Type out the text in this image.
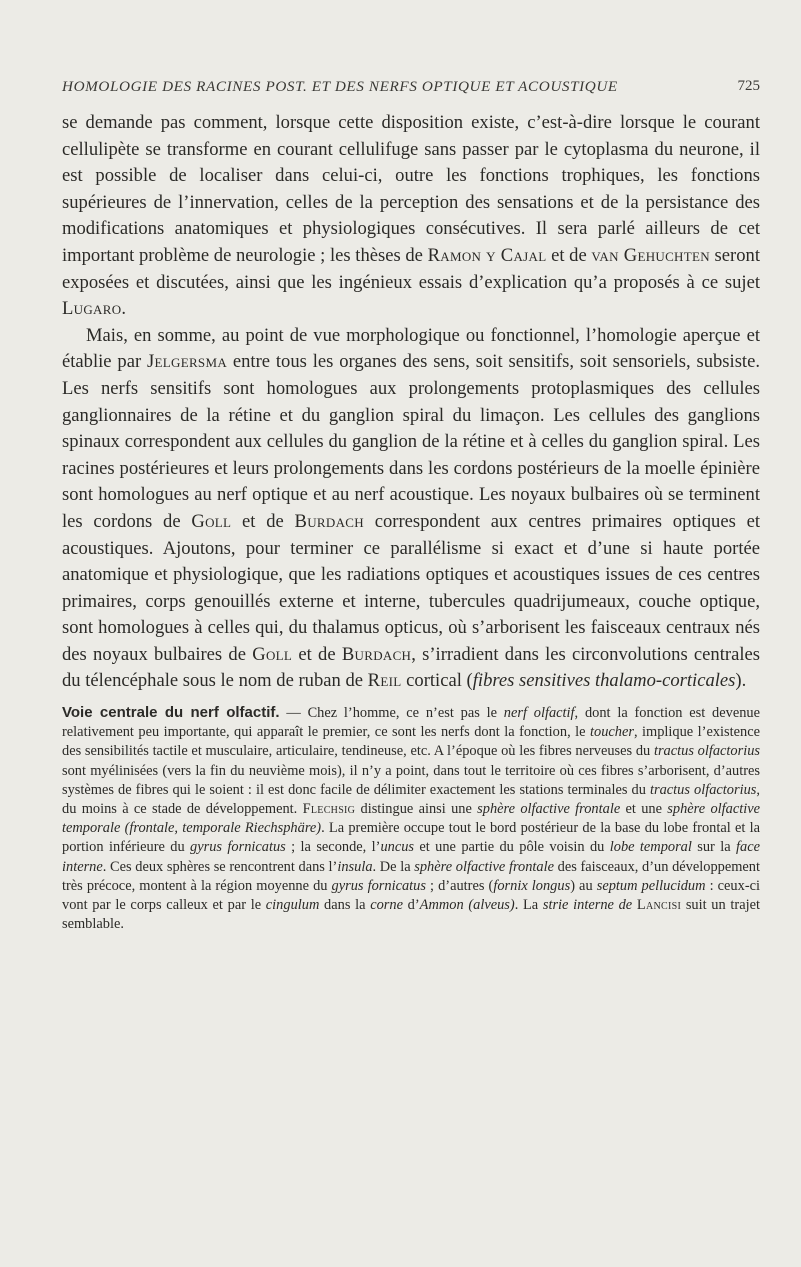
HOMOLOGIE DES RACINES POST. ET DES NERFS OPTIQUE ET ACOUSTIQUE	725

se demande pas comment, lorsque cette disposition existe, c’est-à-dire lorsque le courant cellulipète se transforme en courant cellulifuge sans passer par le cytoplasma du neurone, il est possible de localiser dans celui-ci, outre les fonctions trophiques, les fonctions supérieures de l’innervation, celles de la perception des sensations et de la persistance des modifications anatomiques et physiologiques consécutives. Il sera parlé ailleurs de cet important problème de neurologie ; les thèses de Ramon y Cajal et de van Gehuchten seront exposées et discutées, ainsi que les ingénieux essais d’explication qu’a proposés à ce sujet Lugaro.

Mais, en somme, au point de vue morphologique ou fonctionnel, l’homologie aperçue et établie par Jelgersma entre tous les organes des sens, soit sensitifs, soit sensoriels, subsiste. Les nerfs sensitifs sont homologues aux prolongements protoplasmiques des cellules ganglionnaires de la rétine et du ganglion spiral du limaçon. Les cellules des ganglions spinaux correspondent aux cellules du ganglion de la rétine et à celles du ganglion spiral. Les racines postérieures et leurs prolongements dans les cordons postérieurs de la moelle épinière sont homologues au nerf optique et au nerf acoustique. Les noyaux bulbaires où se terminent les cordons de Goll et de Burdach correspondent aux centres primaires optiques et acoustiques. Ajoutons, pour terminer ce parallélisme si exact et d’une si haute portée anatomique et physiologique, que les radiations optiques et acoustiques issues de ces centres primaires, corps genouillés externe et interne, tubercules quadrijumeaux, couche optique, sont homologues à celles qui, du thalamus opticus, où s’arborisent les faisceaux centraux nés des noyaux bulbaires de Goll et de Burdach, s’irradient dans les circonvolutions centrales du télencéphale sous le nom de ruban de Reil cortical (fibres sensitives thalamo-corticales).

Voie centrale du nerf olfactif. — Chez l’homme, ce n’est pas le nerf olfactif, dont la fonction est devenue relativement peu importante, qui apparaît le premier, ce sont les nerfs dont la fonction, le toucher, implique l’existence des sensibilités tactile et musculaire, articulaire, tendineuse, etc. A l’époque où les fibres nerveuses du tractus olfactorius sont myélinisées (vers la fin du neuvième mois), il n’y a point, dans tout le territoire où ces fibres s’arborisent, d’autres systèmes de fibres qui le soient : il est donc facile de délimiter exactement les stations terminales du tractus olfactorius, du moins à ce stade de développement. Flechsig distingue ainsi une sphère olfactive frontale et une sphère olfactive temporale (frontale, temporale Riechsphäre). La première occupe tout le bord postérieur de la base du lobe frontal et la portion inférieure du gyrus fornicatus ; la seconde, l’uncus et une partie du pôle voisin du lobe temporal sur la face interne. Ces deux sphères se rencontrent dans l’insula. De la sphère olfactive frontale des faisceaux, d’un développement très précoce, montent à la région moyenne du gyrus fornicatus ; d’autres (fornix longus) au septum pellucidum : ceux-ci vont par le corps calleux et par le cingulum dans la corne d’Ammon (alveus). La strie interne de Lancisi suit un trajet semblable.
